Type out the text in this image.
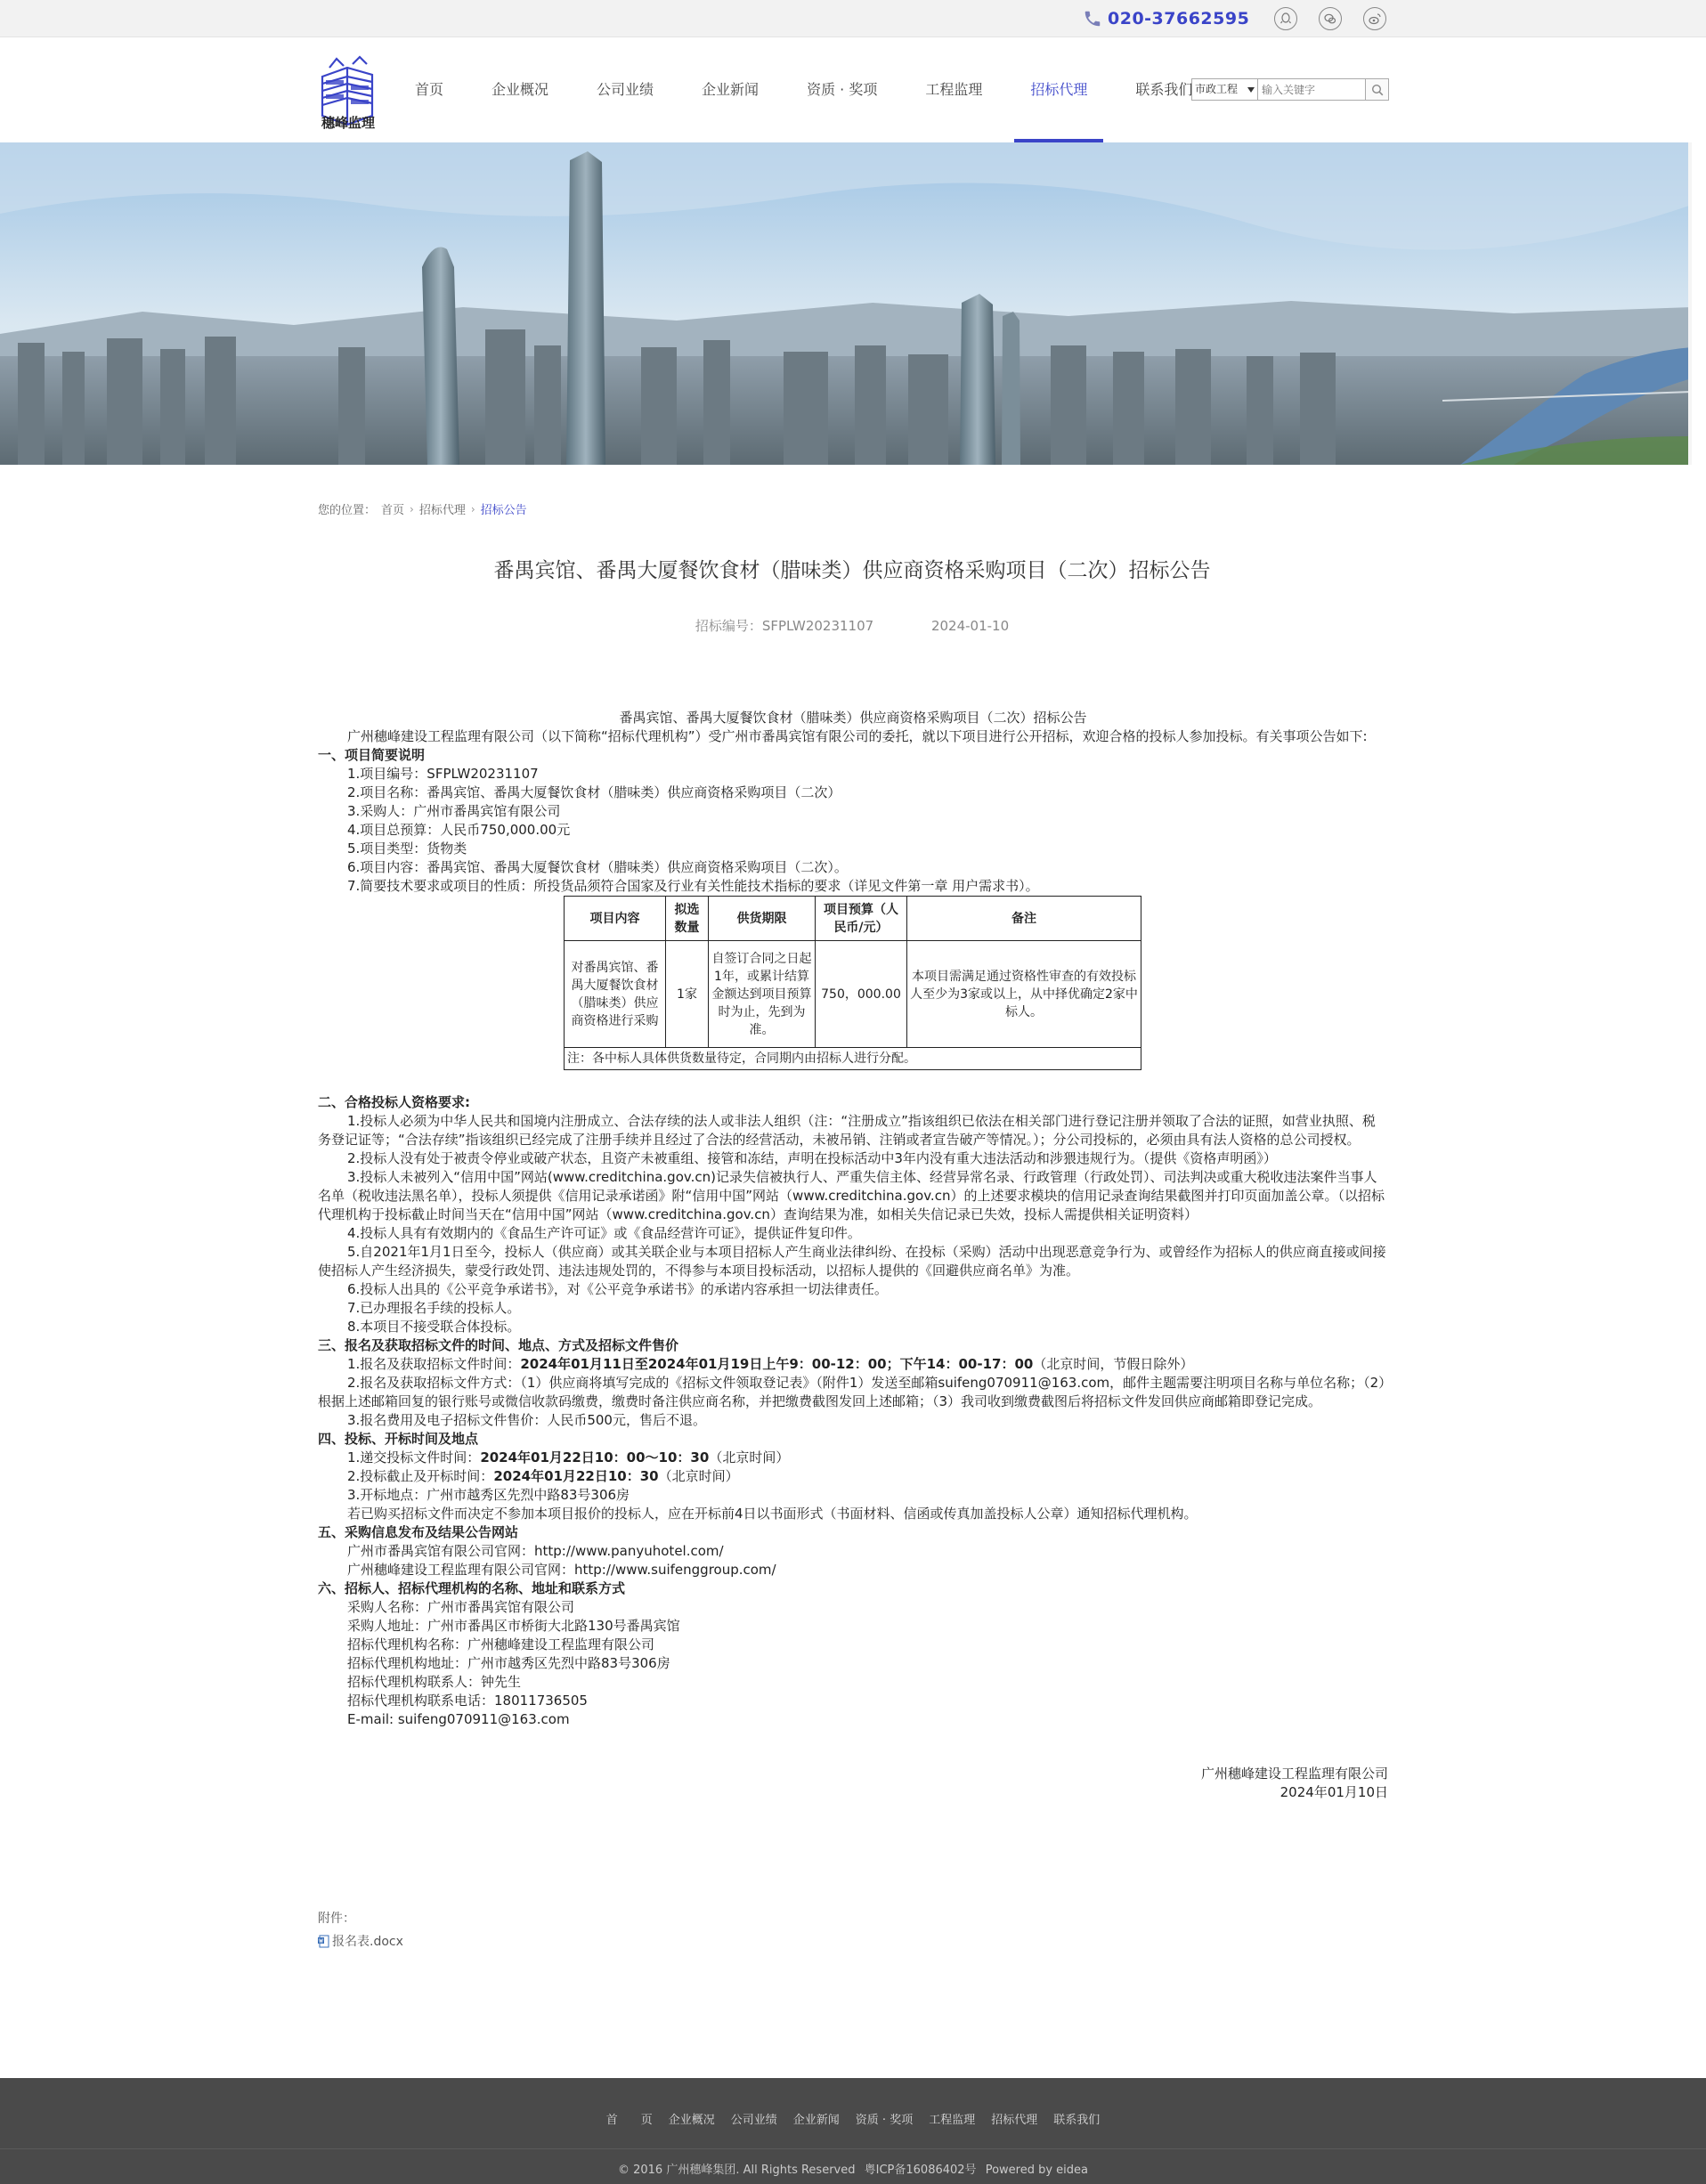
020-37662595
穗峰监理
首页	企业概况	公司业绩	企业新闻	资质 · 奖项	工程监理	招标代理	联系我们 市政工程
输入关键字
您的位置： 首页 › 招标代理 › 招标公告
番禺宾馆、番禺大厦餐饮食材（腊味类）供应商资格采购项目（二次）招标公告
招标编号：SFPLW20231107	2024-01-10

番禺宾馆、番禺大厦餐饮食材（腊味类）供应商资格采购项目（二次）招标公告

广州穗峰建设工程监理有限公司（以下简称“招标代理机构”）受广州市番禺宾馆有限公司的委托，就以下项目进行公开招标，欢迎合格的投标人参加投标。有关事项公告如下:

一、项目简要说明

1.项目编号：SFPLW20231107

2.项目名称：番禺宾馆、番禺大厦餐饮食材（腊味类）供应商资格采购项目（二次）

3.采购人：广州市番禺宾馆有限公司

4.项目总预算：人民币750,000.00元

5.项目类型：货物类

6.项目内容：番禺宾馆、番禺大厦餐饮食材（腊味类）供应商资格采购项目（二次）。

7.简要技术要求或项目的性质：所投货品须符合国家及行业有关性能技术指标的要求（详见文件第一章 用户需求书）。

项目内容	拟选数量	供货期限	项目预算（人民币/元）	备注
对番禺宾馆、番禺大厦餐饮食材（腊味类）供应商资格进行采购	1家	自签订合同之日起1年，或累计结算金额达到项目预算时为止，先到为准。	750，000.00	本项目需满足通过资格性审查的有效投标人至少为3家或以上，从中择优确定2家中标人。
注：各中标人具体供货数量待定，合同期内由招标人进行分配。				

二、合格投标人资格要求:

1.投标人必须为中华人民共和国境内注册成立、合法存续的法人或非法人组织（注：“注册成立”指该组织已依法在相关部门进行登记注册并领取了合法的证照，如营业执照、税务登记证等；“合法存续”指该组织已经完成了注册手续并且经过了合法的经营活动，未被吊销、注销或者宣告破产等情况。）；分公司投标的，必须由具有法人资格的总公司授权。

2.投标人没有处于被责令停业或破产状态，且资产未被重组、接管和冻结，声明在投标活动中3年内没有重大违法活动和涉猥违规行为。（提供《资格声明函》）

3.投标人未被列入“信用中国”网站(www.creditchina.gov.cn)记录失信被执行人、严重失信主体、经营异常名录、行政管理（行政处罚）、司法判决或重大税收违法案件当事人名单（税收违法黑名单），投标人须提供《信用记录承诺函》附“信用中国”网站（www.creditchina.gov.cn）的上述要求模块的信用记录查询结果截图并打印页面加盖公章。（以招标代理机构于投标截止时间当天在“信用中国”网站（www.creditchina.gov.cn）查询结果为准，如相关失信记录已失效，投标人需提供相关证明资料）

4.投标人具有有效期内的《食品生产许可证》或《食品经营许可证》，提供证件复印件。

5.自2021年1月1日至今，投标人（供应商）或其关联企业与本项目招标人产生商业法律纠纷、在投标（采购）活动中出现恶意竞争行为、或曾经作为招标人的供应商直接或间接使招标人产生经济损失，蒙受行政处罚、违法违规处罚的，不得参与本项目投标活动，以招标人提供的《回避供应商名单》为准。

6.投标人出具的《公平竞争承诺书》，对《公平竞争承诺书》的承诺内容承担一切法律责任。

7.已办理报名手续的投标人。

8.本项目不接受联合体投标。

三、报名及获取招标文件的时间、地点、方式及招标文件售价

1.报名及获取招标文件时间：2024年01月11日至2024年01月19日上午9：00-12：00；下午14：00-17：00（北京时间，节假日除外）

2.报名及获取招标文件方式：（1）供应商将填写完成的《招标文件领取登记表》（附件1）发送至邮箱suifeng070911@163.com，邮件主题需要注明项目名称与单位名称；（2）根据上述邮箱回复的银行账号或微信收款码缴费，缴费时备注供应商名称，并把缴费截图发回上述邮箱；（3）我司收到缴费截图后将招标文件发回供应商邮箱即登记完成。

3.报名费用及电子招标文件售价：人民币500元，售后不退。

四、投标、开标时间及地点

1.递交投标文件时间：2024年01月22日10：00～10：30（北京时间）

2.投标截止及开标时间：2024年01月22日10：30（北京时间）

3.开标地点：广州市越秀区先烈中路83号306房

若已购买招标文件而决定不参加本项目报价的投标人，应在开标前4日以书面形式（书面材料、信函或传真加盖投标人公章）通知招标代理机构。

五、采购信息发布及结果公告网站

广州市番禺宾馆有限公司官网：http://www.panyuhotel.com/

广州穗峰建设工程监理有限公司官网：http://www.suifenggroup.com/

六、招标人、招标代理机构的名称、地址和联系方式

采购人名称：广州市番禺宾馆有限公司

采购人地址：广州市番禺区市桥街大北路130号番禺宾馆

招标代理机构名称：广州穗峰建设工程监理有限公司

招标代理机构地址：广州市越秀区先烈中路83号306房

招标代理机构联系人：钟先生

招标代理机构联系电话：18011736505

E-mail: suifeng070911@163.com

广州穗峰建设工程监理有限公司

2024年01月10日

附件：
报名表.docx
首　　页	企业概况	公司业绩	企业新闻	资质 · 奖项	工程监理	招标代理	联系我们
© 2016 广州穗峰集团. All Rights Reserved 粤ICP备16086402号 Powered by eidea
